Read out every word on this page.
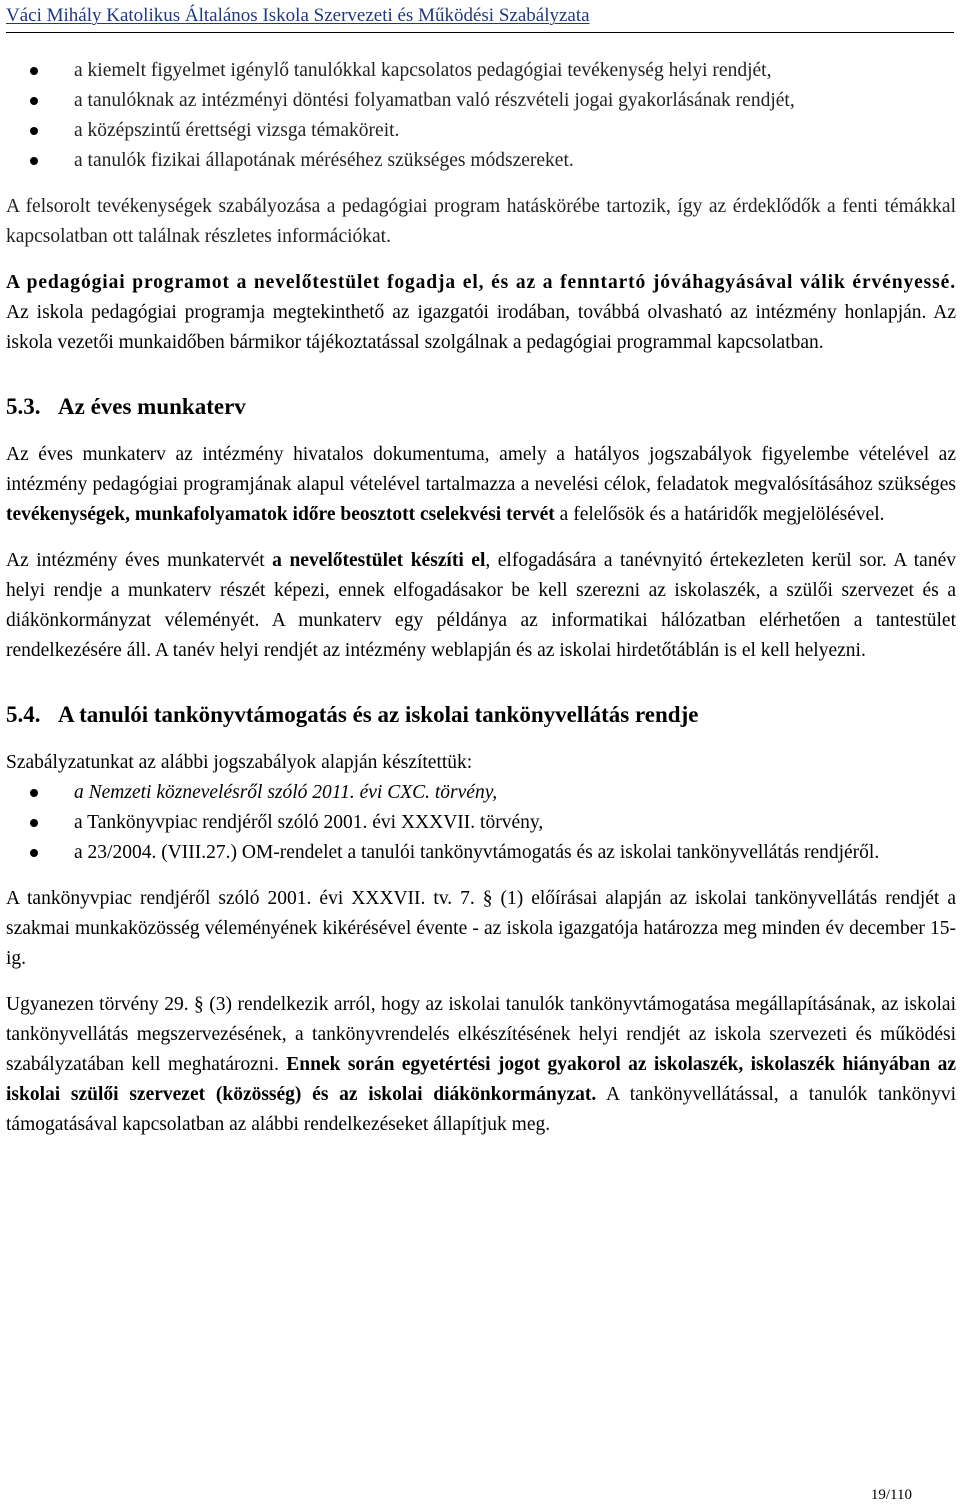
Váci Mihály Katolikus Általános Iskola Szervezeti és Működési Szabályzata
a kiemelt figyelmet igénylő tanulókkal kapcsolatos pedagógiai tevékenység helyi rendjét,
a tanulóknak az intézményi döntési folyamatban való részvételi jogai gyakorlásának rendjét,
a középszintű érettségi vizsga témaköreit.
a tanulók fizikai állapotának méréséhez szükséges módszereket.

A felsorolt tevékenységek szabályozása a pedagógiai program hatáskörébe tartozik, így az érdeklődők a fenti témákkal kapcsolatban ott találnak részletes információkat.

A pedagógiai programot a nevelőtestület fogadja el, és az a fenntartó jóváhagyásával válik érvényessé. Az iskola pedagógiai programja megtekinthető az igazgatói irodában, továbbá olvasható az intézmény honlapján. Az iskola vezetői munkaidőben bármikor tájékoztatással szolgálnak a pedagógiai programmal kapcsolatban.

5.3. Az éves munkaterv

Az éves munkaterv az intézmény hivatalos dokumentuma, amely a hatályos jogszabályok figyelembe vételével az intézmény pedagógiai programjának alapul vételével tartalmazza a nevelési célok, feladatok megvalósításához szükséges tevékenységek, munkafolyamatok időre beosztott cselekvési tervét a felelősök és a határidők megjelölésével.

Az intézmény éves munkatervét a nevelőtestület készíti el, elfogadására a tanévnyitó értekezleten kerül sor. A tanév helyi rendje a munkaterv részét képezi, ennek elfogadásakor be kell szerezni az iskolaszék, a szülői szervezet és a diákönkormányzat véleményét. A munkaterv egy példánya az informatikai hálózatban elérhetően a tantestület rendelkezésére áll. A tanév helyi rendjét az intézmény weblapján és az iskolai hirdetőtáblán is el kell helyezni.

5.4. A tanulói tankönyvtámogatás és az iskolai tankönyvellátás rendje

Szabályzatunkat az alábbi jogszabályok alapján készítettük:

a Nemzeti köznevelésről szóló 2011. évi CXC. törvény,
a Tankönyvpiac rendjéről szóló 2001. évi XXXVII. törvény,
a 23/2004. (VIII.27.) OM-rendelet a tanulói tankönyvtámogatás és az iskolai tankönyvellátás rendjéről.

A tankönyvpiac rendjéről szóló 2001. évi XXXVII. tv. 7. § (1) előírásai alapján az iskolai tankönyvellátás rendjét a szakmai munkaközösség véleményének kikérésével évente - az iskola igazgatója határozza meg minden év december 15-ig.

Ugyanezen törvény 29. § (3) rendelkezik arról, hogy az iskolai tanulók tankönyvtámogatása megállapításának, az iskolai tankönyvellátás megszervezésének, a tankönyvrendelés elkészítésének helyi rendjét az iskola szervezeti és működési szabályzatában kell meghatározni. Ennek során egyetértési jogot gyakorol az iskolaszék, iskolaszék hiányában az iskolai szülői szervezet (közösség) és az iskolai diákönkormányzat. A tankönyvellátással, a tanulók tankönyvi támogatásával kapcsolatban az alábbi rendelkezéseket állapítjuk meg.

19/110
